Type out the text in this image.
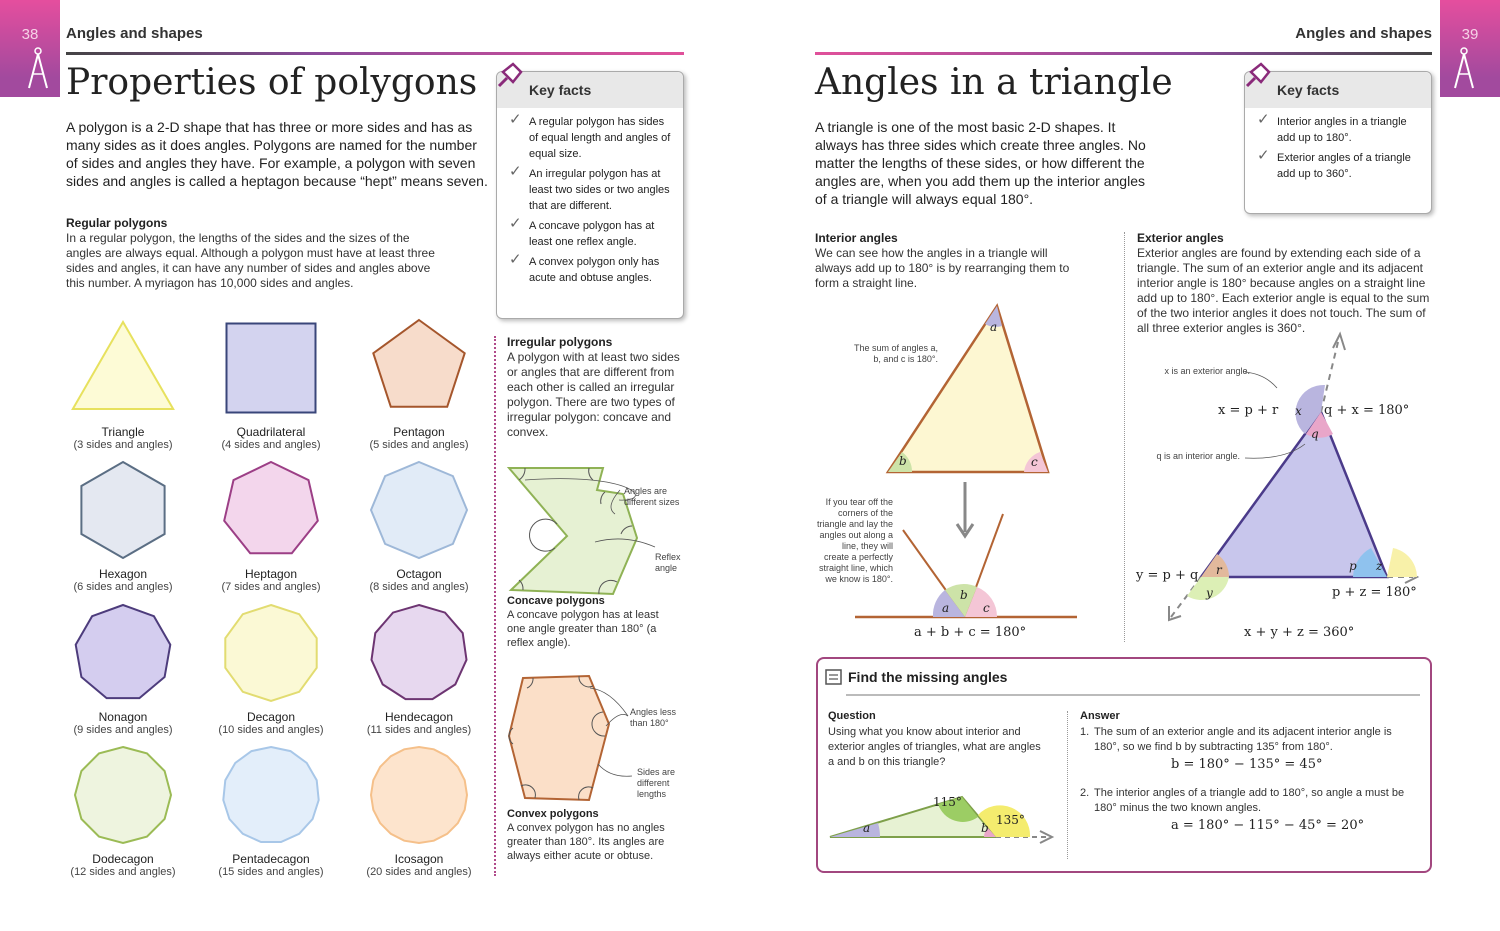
38	Angles and shapes
Properties of polygons
A polygon is a 2-D shape that has three or more sides and has as many sides as it does angles. Polygons are named for the number of sides and angles they have. For example, a polygon with seven sides and angles is called a heptagon because “hept” means seven.
Regular polygons
In a regular polygon, the lengths of the sides and the sizes of the angles are always equal. Although a polygon must have at least three sides and angles, it can have any number of sides and angles above this number. A myriagon has 10,000 sides and angles.
Key facts
✓ A regular polygon has sides of equal length and angles of equal size.
✓ An irregular polygon has at least two sides or two angles that are different.
✓ A concave polygon has at least one reflex angle.
✓ A convex polygon only has acute and obtuse angles.
Triangle
(3 sides and angles)
Quadrilateral
(4 sides and angles)
Pentagon
(5 sides and angles)
Hexagon
(6 sides and angles)
Heptagon
(7 sides and angles)
Octagon
(8 sides and angles)
Nonagon
(9 sides and angles)
Decagon
(10 sides and angles)
Hendecagon
(11 sides and angles)
Dodecagon
(12 sides and angles)
Pentadecagon
(15 sides and angles)
Icosagon
(20 sides and angles)
Irregular polygons
A polygon with at least two sides or angles that are different from each other is called an irregular polygon. There are two types of irregular polygon: concave and convex.
Angles are different sizes
Reflex angle
Concave polygons
A concave polygon has at least one angle greater than 180° (a reflex angle).
Angles less than 180°
Sides are different lengths
Convex polygons
A convex polygon has no angles greater than 180°. Its angles are always either acute or obtuse.
39
Angles and shapes
Angles in a triangle
A triangle is one of the most basic 2-D shapes. It always has three sides which create three angles. No matter the lengths of these sides, or how different the angles are, when you add them up the interior angles of a triangle will always equal 180°.
Key facts
✓ Interior angles in a triangle add up to 180°.
✓ Exterior angles of a triangle add up to 360°.
Interior angles
We can see how the angles in a triangle will always add up to 180° is by rearranging them to form a straight line.
a
b	c
The sum of angles a, b, and c is 180°.
a
b
c
If you tear off the corners of the triangle and lay the angles out along a line, they will create a perfectly straight line, which we know is 180°.
a + b + c = 180°
Exterior angles
Exterior angles are found by extending each side of a triangle. The sum of an exterior angle and its adjacent interior angle is 180° because angles on a straight line add up to 180°. Each exterior angle is equal to the sum of the two interior angles it does not touch. The sum of all three exterior angles is 360°.
x
q
r	p z
y
x is an exterior angle.
q is an interior angle.
x = p + r	q + x = 180°
y = p + q
p + z = 180°
x + y + z = 360°
Find the missing angles
Question
Using what you know about interior and exterior angles of triangles, what are angles a and b on this triangle?
115°
135°
a	b
Answer
1. The sum of an exterior angle and its adjacent interior angle is 180°, so we find b by subtracting 135° from 180°.
b = 180° − 135° = 45°
2. The interior angles of a triangle add to 180°, so angle a must be 180° minus the two known angles.
a = 180° − 115° − 45° = 20°
